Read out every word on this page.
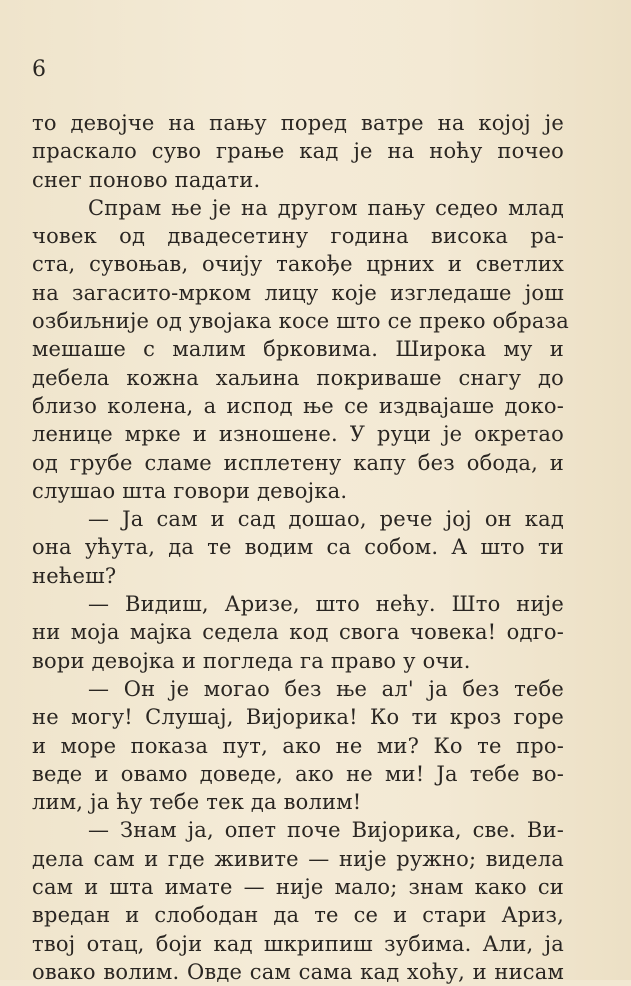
6
то девојче на пању поред ватре на којој је
праскало суво грање кад је на ноћу почео
снег поново падати.
Спрам ње је на другом пању седео млад
човек од двадесетину година висока ра-
ста, сувоњав, очију такође црних и светлих
на загасито-мрком лицу које изгледаше још
озбиљније од увојака косе што се преко образа
мешаше с малим брковима. Широка му и
дебела кожна хаљина покриваше снагу до
близо колена, а испод ње се издвајаше доко-
ленице мрке и изношене. У руци је окретао
од грубе сламе исплетену капу без обода, и
слушао шта говори девојка.
— Ја сам и сад дошао, рече јој он кад
она ућута, да те водим са собом. А што ти
нећеш?
— Видиш, Аризе, што нећу. Што није
ни моја мајка седела код свога човека! одго-
вори девојка и погледа га право у очи.
— Он је могао без ње ал' ја без тебе
не могу! Слушај, Вијорика! Ко ти кроз горе
и море показа пут, ако не ми? Ко те про-
веде и овамо доведе, ако не ми! Ја тебе во-
лим, ја ћу тебе тек да волим!
— Знам ја, опет поче Вијорика, све. Ви-
дела сам и где живите — није ружно; видела
сам и шта имате — није мало; знам како си
вредан и слободан да те се и стари Ариз,
твој отац, боји кад шкрипиш зубима. Али, ја
овако волим. Овде сам сама кад хоћу, и нисам
